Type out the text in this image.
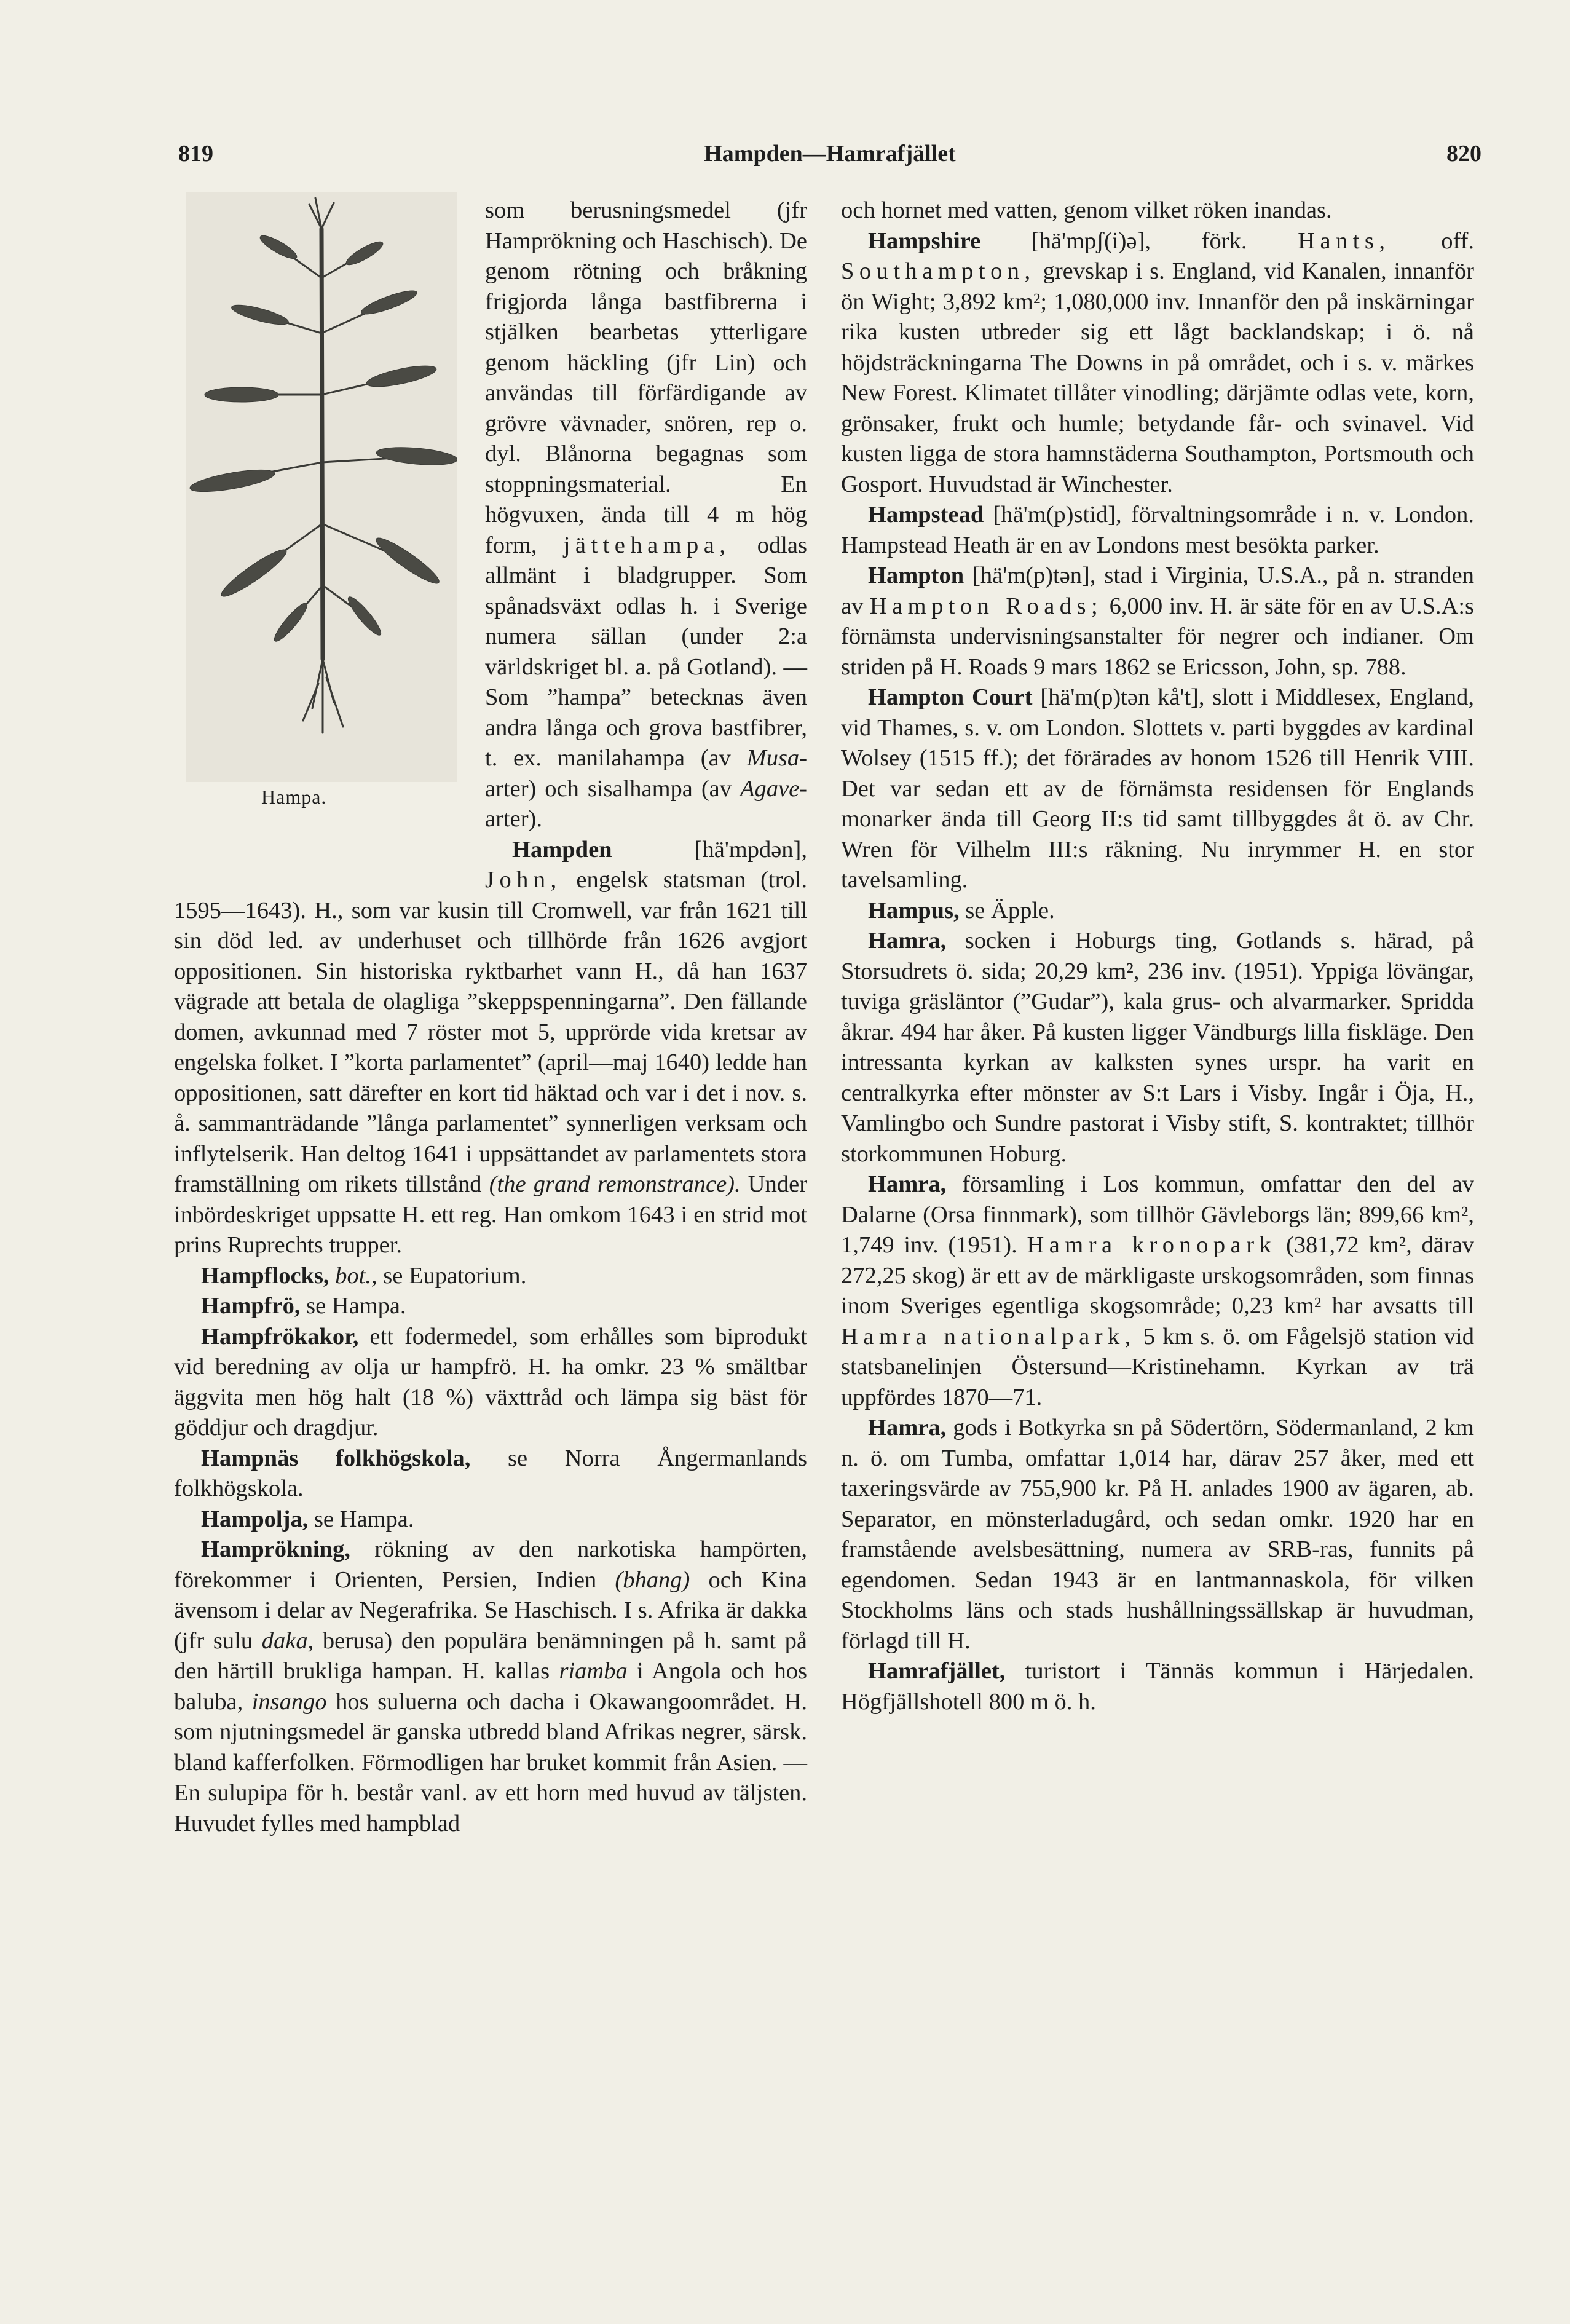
819	Hampden—Hamrafjället	820
Hampa.

som berusningsmedel (jfr Hamprökning och Haschisch). De genom rötning och bråkning frigjorda långa bastfibrerna i stjälken bearbetas ytterligare genom häckling (jfr Lin) och användas till förfärdigande av grövre vävnader, snören, rep o. dyl. Blånorna begagnas som stoppningsmaterial. En högvuxen, ända till 4 m hög form, jättehampa, odlas allmänt i bladgrupper. Som spånadsväxt odlas h. i Sverige numera sällan (under 2:a världskriget bl. a. på Gotland). — Som ”hampa” betecknas även andra långa och grova bastfibrer, t. ex. manilahampa (av Musa-arter) och sisalhampa (av Agave-arter).

Hampden	[hä'mpdən], John, engelsk statsman (trol. 1595—1643). H., som var kusin till Cromwell, var från 1621 till sin död led. av underhuset och tillhörde från 1626 avgjort oppositionen. Sin historiska ryktbarhet vann H., då han 1637 vägrade att betala de olagliga ”skeppspenningarna”. Den fällande domen, avkunnad med 7 röster mot 5, upprörde vida kretsar av engelska folket. I ”korta parlamentet” (april—maj 1640) ledde han oppositionen, satt därefter en kort tid häktad och var i det i nov. s. å. sammanträdande ”långa parlamentet” synnerligen verksam och inflytelserik. Han deltog 1641 i uppsättandet av parlamentets stora framställning om rikets tillstånd (the grand remonstrance). Under inbördeskriget uppsatte H. ett reg. Han omkom 1643 i en strid mot prins Ruprechts trupper.

Hampflocks, bot., se Eupatorium.

Hampfrö, se Hampa.

Hampfrökakor, ett fodermedel, som erhålles som biprodukt vid beredning av olja ur hampfrö. H. ha omkr. 23 % smältbar äggvita men hög halt (18 %) växttråd och lämpa sig bäst för göddjur och dragdjur.

Hampnäs folkhögskola, se Norra Ångermanlands folkhögskola.

Hampolja, se Hampa.

Hamprökning, rökning av den narkotiska hampörten, förekommer i Orienten, Persien, Indien (bhang) och Kina ävensom i delar av Negerafrika. Se Haschisch. I s. Afrika är dakka (jfr sulu daka, berusa) den populära benämningen på h. samt på den härtill brukliga hampan. H. kallas riamba i Angola och hos baluba, insango hos suluerna och dacha i Okawangoområdet. H. som njutningsmedel är ganska utbredd bland Afrikas negrer, särsk. bland kafferfolken. Förmodligen har bruket kommit från Asien. — En sulupipa för h. består vanl. av ett horn med huvud av täljsten. Huvudet fylles med hampblad

och hornet med vatten, genom vilket röken inandas.

Hampshire [hä'mpʃ(i)ə], förk. Hants, off. Southampton, grevskap i s. England, vid Kanalen, innanför ön Wight; 3,892 km²; 1,080,000 inv. Innanför den på inskärningar rika kusten utbreder sig ett lågt backlandskap; i ö. nå höjdsträckningarna The Downs in på området, och i s. v. märkes New Forest. Klimatet tillåter vinodling; därjämte odlas vete, korn, grönsaker, frukt och humle; betydande får- och svinavel. Vid kusten ligga de stora hamnstäderna Southampton, Portsmouth och Gosport. Huvudstad är Winchester.

Hampstead [hä'm(p)stid], förvaltningsområde i n. v. London. Hampstead Heath är en av Londons mest besökta parker.

Hampton [hä'm(p)tən], stad i Virginia, U.S.A., på n. stranden av Hampton Roads; 6,000 inv. H. är säte för en av U.S.A:s förnämsta undervisningsanstalter för negrer och indianer. Om striden på H. Roads 9 mars 1862 se Ericsson, John, sp. 788.

Hampton Court [hä'm(p)tən kå't], slott i Middlesex, England, vid Thames, s. v. om London. Slottets v. parti byggdes av kardinal Wolsey (1515 ff.); det förärades av honom 1526 till Henrik VIII. Det var sedan ett av de förnämsta residensen för Englands monarker ända till Georg II:s tid samt tillbyggdes åt ö. av Chr. Wren för Vilhelm III:s räkning. Nu inrymmer H. en stor tavelsamling.

Hampus, se Äpple.

Hamra, socken i Hoburgs ting, Gotlands s. härad, på Storsudrets ö. sida; 20,29 km², 236 inv. (1951). Yppiga lövängar, tuviga gräsläntor (”Gudar”), kala grus- och alvarmarker. Spridda åkrar. 494 har åker. På kusten ligger Vändburgs lilla fiskläge. Den intressanta kyrkan av kalksten synes urspr. ha varit en centralkyrka efter mönster av S:t Lars i Visby. Ingår i Öja, H., Vamlingbo och Sundre pastorat i Visby stift, S. kontraktet; tillhör storkommunen Hoburg.

Hamra, församling i Los kommun, omfattar den del av Dalarne (Orsa finnmark), som tillhör Gävleborgs län; 899,66 km², 1,749 inv. (1951). Hamra kronopark (381,72 km², därav 272,25 skog) är ett av de märkligaste urskogsområden, som finnas inom Sveriges egentliga skogsområde; 0,23 km² har avsatts till Hamra nationalpark, 5 km s. ö. om Fågelsjö station vid statsbanelinjen Östersund—Kristinehamn. Kyrkan av trä uppfördes 1870—71.

Hamra, gods i Botkyrka sn på Södertörn, Södermanland, 2 km n. ö. om Tumba, omfattar 1,014 har, därav 257 åker, med ett taxeringsvärde av 755,900 kr. På H. anlades 1900 av ägaren, ab. Separator, en mönsterladugård, och sedan omkr. 1920 har en framstående avelsbesättning, numera av SRB-ras, funnits på egendomen. Sedan 1943 är en lantmannaskola, för vilken Stockholms läns och stads hushållningssällskap är huvudman, förlagd till H.

Hamrafjället, turistort i Tännäs kommun i Härjedalen. Högfjällshotell 800 m ö. h.
